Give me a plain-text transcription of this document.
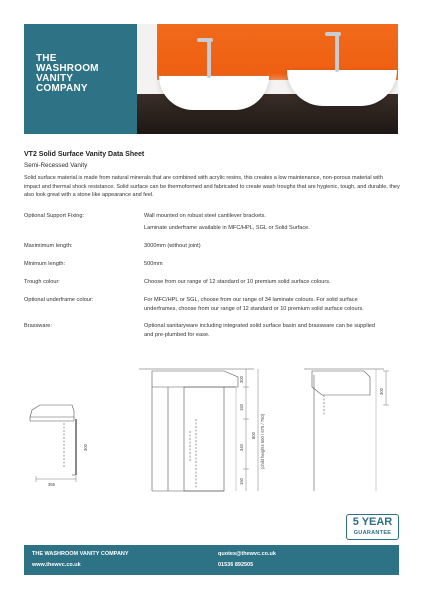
THE
WASHROOM
VANITY
COMPANY
VT2 Solid Surface Vanity Data Sheet
Semi-Recessed Vanity
Solid surface material is made from natural minerals that are combined with acrylic resins, this creates a low maintenance, non-porous material with impact and thermal shock resistance. Solid surface can be thermoformed and fabricated to create wash troughs that are hygienic, tough, and durable, they also look great with a stone like appearance and feel.
Optional Support Fixing:	Wall mounted on robust steel cantilever brackets.
Laminate underframe available in MFC/HPL, SGL or Solid Surface.
Maximimum length:	3000mm (without joint)
Minimum length:	500mm
Trough colour:	Choose from our range of 12 standard or 10 premium solid surface colours.
Optional underframe colour:	For MFC/HPL or SGL, choose from our range of 34 laminate colours. For solid surface
underframes, choose from our range of 12 standard or 10 premium solid surface colours.
Brassware:	Optional sanitaryware including integrated solid surface basin and brassware can be supplied
and pre-plumbed for ease.
355
300
300
150
800
340
150
(child heights 600 / 675 / 750)
300
5 YEAR
GUARANTEE
THE WASHROOM VANITY COMPANY
www.thewvc.co.uk
quotes@thewvc.co.uk
01536 892505
